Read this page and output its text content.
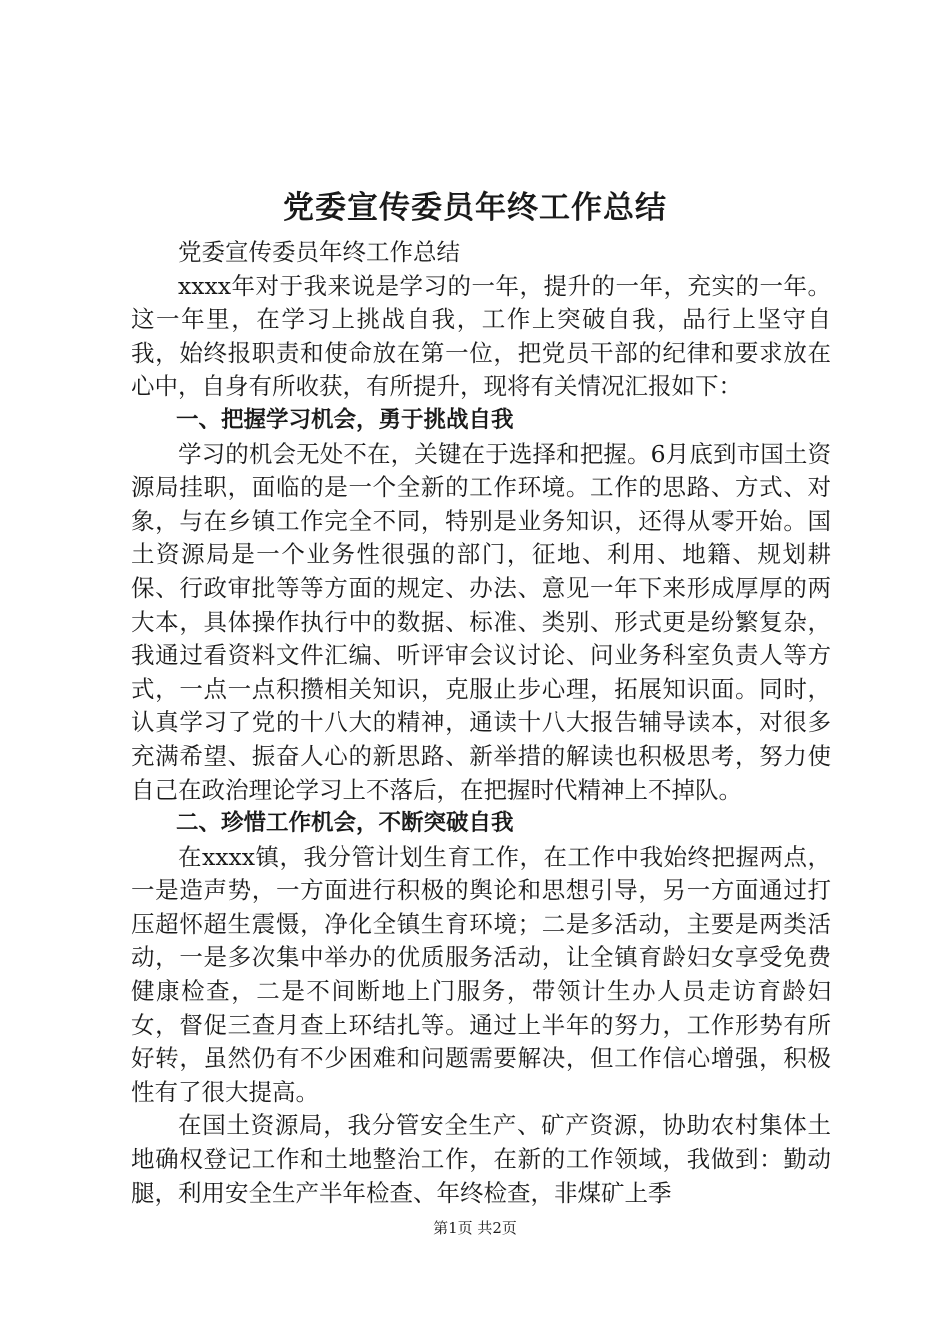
党委宣传委员年终工作总结

党委宣传委员年终工作总结

xxxx年对于我来说是学习的一年，提升的一年，充实的一年。这一年里，在学习上挑战自我，工作上突破自我，品行上坚守自我，始终报职责和使命放在第一位，把党员干部的纪律和要求放在心中，自身有所收获，有所提升，现将有关情况汇报如下：

一、把握学习机会，勇于挑战自我

学习的机会无处不在，关键在于选择和把握。6月底到市国土资源局挂职，面临的是一个全新的工作环境。工作的思路、方式、对象，与在乡镇工作完全不同，特别是业务知识，还得从零开始。国土资源局是一个业务性很强的部门，征地、利用、地籍、规划耕保、行政审批等等方面的规定、办法、意见一年下来形成厚厚的两大本，具体操作执行中的数据、标准、类别、形式更是纷繁复杂，我通过看资料文件汇编、听评审会议讨论、问业务科室负责人等方式，一点一点积攒相关知识，克服止步心理，拓展知识面。同时，认真学习了党的十八大的精神，通读十八大报告辅导读本，对很多充满希望、振奋人心的新思路、新举措的解读也积极思考，努力使自己在政治理论学习上不落后，在把握时代精神上不掉队。

二、珍惜工作机会，不断突破自我

在xxxx镇，我分管计划生育工作，在工作中我始终把握两点，一是造声势，一方面进行积极的舆论和思想引导，另一方面通过打压超怀超生震慑，净化全镇生育环境；二是多活动，主要是两类活动，一是多次集中举办的优质服务活动，让全镇育龄妇女享受免费健康检查，二是不间断地上门服务，带领计生办人员走访育龄妇女，督促三查月查上环结扎等。通过上半年的努力，工作形势有所好转，虽然仍有不少困难和问题需要解决，但工作信心增强，积极性有了很大提高。

在国土资源局，我分管安全生产、矿产资源，协助农村集体土地确权登记工作和土地整治工作，在新的工作领域，我做到：勤动腿，利用安全生产半年检查、年终检查，非煤矿上季

第1页 共2页
